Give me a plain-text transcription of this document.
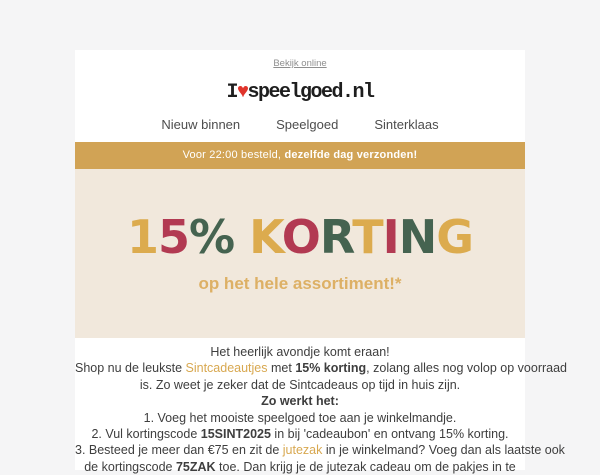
Bekijk online
I♥speelgoed.nl
Nieuw binnen	Speelgoed	Sinterklaas
Voor 22:00 besteld, dezelfde dag verzonden!
15% KORTING
op het hele assortiment!*
Het heerlijk avondje komt eraan!
Shop nu de leukste Sintcadeautjes met 15% korting, zolang alles nog volop op voorraad
is. Zo weet je zeker dat de Sintcadeaus op tijd in huis zijn.
Zo werkt het:
1. Voeg het mooiste speelgoed toe aan je winkelmandje.
2. Vul kortingscode 15SINT2025 in bij 'cadeaubon' en ontvang 15% korting.
3. Besteed je meer dan €75 en zit de jutezak in je winkelmand? Voeg dan als laatste ook
de kortingscode 75ZAK toe. Dan krijg je de jutezak cadeau om de pakjes in te
